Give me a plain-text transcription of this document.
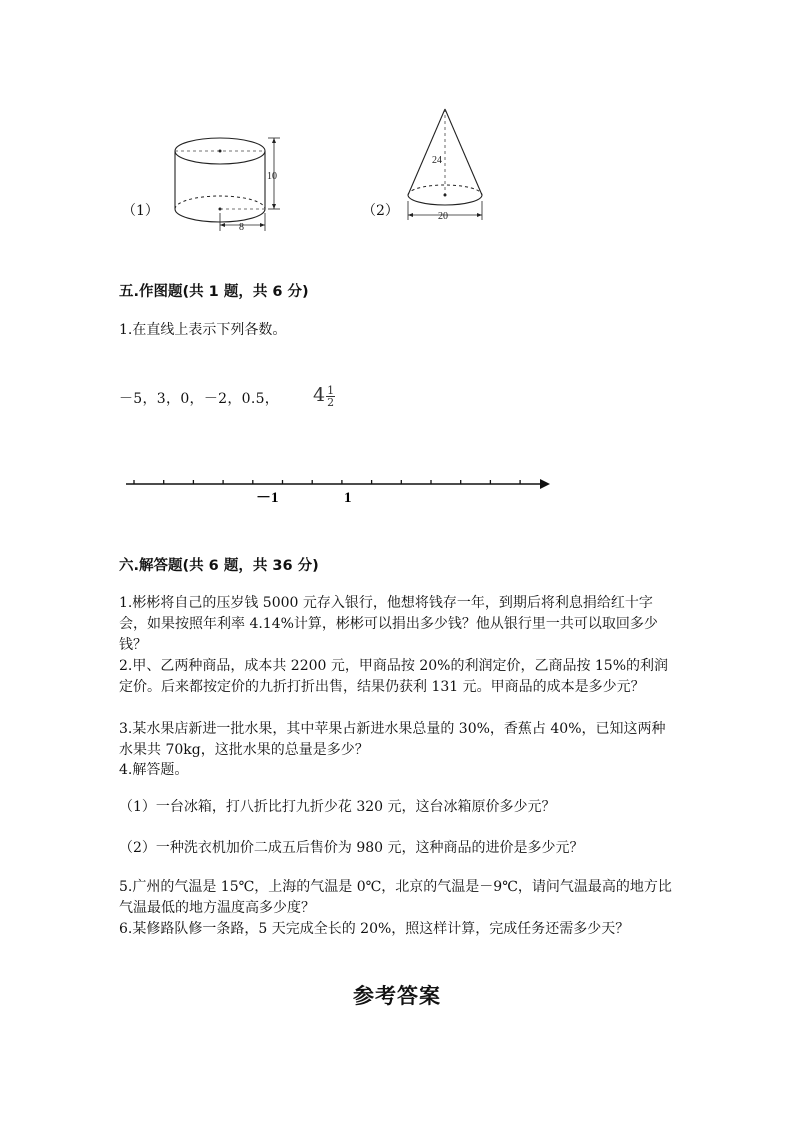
（1）
10
8
（2）
24
20
五.作图题(共 1 题，共 6 分)
1.在直线上表示下列各数。
－5，3，0，－2，0.5， $4 \frac{1}{2}$
－1	1
六.解答题(共 6 题，共 36 分)
1.彬彬将自己的压岁钱 5000 元存入银行，他想将钱存一年，到期后将利息捐给红十字会，如果按照年利率 4.14%计算，彬彬可以捐出多少钱？他从银行里一共可以取回多少钱？
2.甲、乙两种商品，成本共 2200 元，甲商品按 20%的利润定价，乙商品按 15%的利润定价。后来都按定价的九折打折出售，结果仍获利 131 元。甲商品的成本是多少元？
3.某水果店新进一批水果，其中苹果占新进水果总量的 30%，香蕉占 40%，已知这两种水果共 70kg，这批水果的总量是多少？
4.解答题。
（1）一台冰箱，打八折比打九折少花 320 元，这台冰箱原价多少元？
（2）一种洗衣机加价二成五后售价为 980 元，这种商品的进价是多少元？
5.广州的气温是 15℃，上海的气温是 0℃，北京的气温是－9℃，请问气温最高的地方比气温最低的地方温度高多少度？
6.某修路队修一条路，5 天完成全长的 20%，照这样计算，完成任务还需多少天？
参考答案
